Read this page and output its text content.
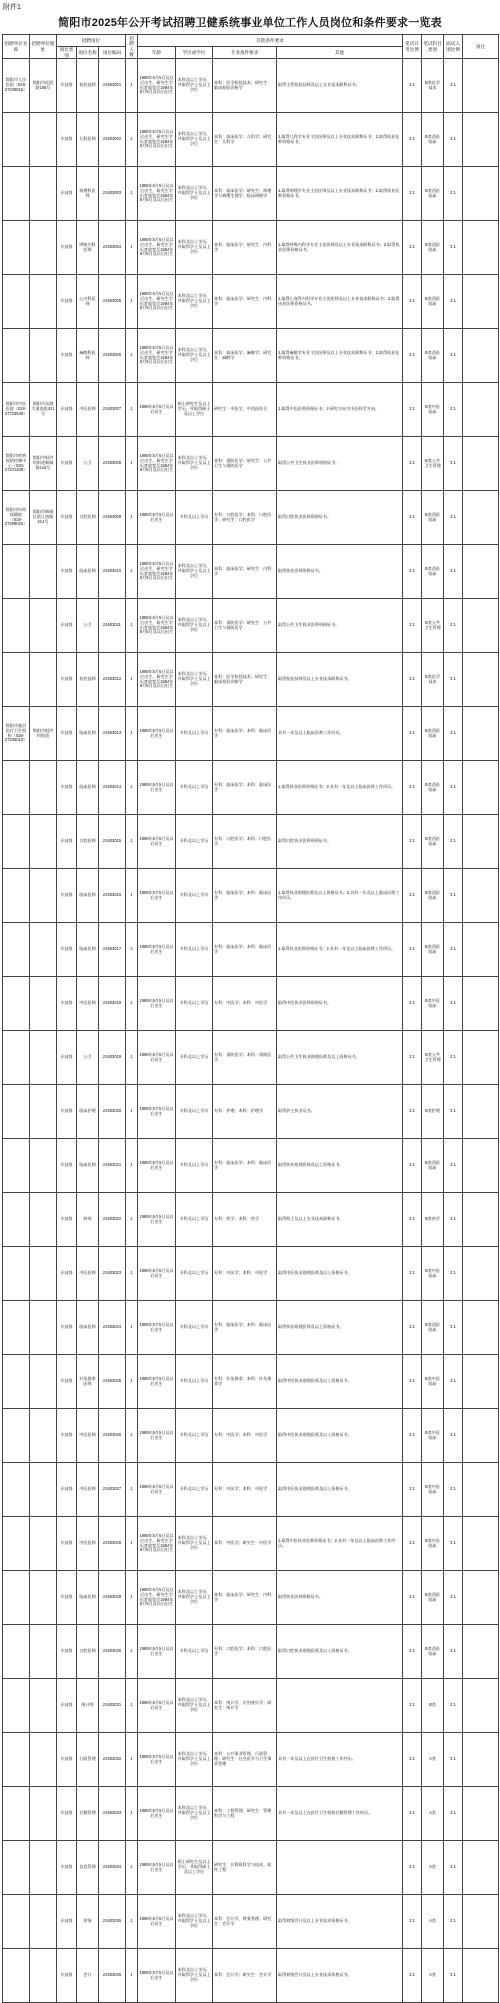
附件1
简阳市2025年公开考试招聘卫健系统事业单位工作人员岗位和条件要求一览表
招聘单位名称	招聘单位地址	招聘岗位			招聘人数	其他条件要求				笔试开考比例	笔试科目类别	面试入围比例	备注
		岗位类别	岗位名称	岗位编码		年龄	学历或学位	专业条件要求	其他				
简阳市人民医院（028-27238016）	简阳市医院路185号	专技岗	检验技师	21603001	1	1989年5月5日及以后出生，研究生学历者放宽至1984年5月5日及以后出生	本科及以上学历，并取得学士及以上学位	本科：医学检验技术；研究生：临床检验诊断学	取得主管检验技师及以上专业技术职称证书。	3:1	B类医学技术	3:1	
		专技岗	儿科医师	21603002	1	1989年5月5日及以后出生，研究生学历者放宽至1984年5月5日及以后出生	本科及以上学历，并取得学士及以上学位	本科：临床医学、儿科学；研究生：儿科学	1.取得儿科学专业主治医师及以上专业技术职称证书；2.取得执业医师资格证书。	3:1	B类西医临床	3:1	
		专技岗	病理科医师	21603003	1	1989年5月5日及以后出生，研究生学历者放宽至1984年5月5日及以后出生	本科及以上学历，并取得学士及以上学位	本科：临床医学；研究生：病理学与病理生理学、临床病理学	1.取得病理学专业主治医师及以上专业技术职称证书；2.取得执业医师资格证书。	3:1	B类西医临床	3:1	
		专技岗	呼吸内科医师	21603004	1	1989年5月5日及以后出生，研究生学历者放宽至1984年5月5日及以后出生	本科及以上学历，并取得学士及以上学位	本科：临床医学；研究生：内科学	1.取得呼吸内科学专业主治医师及以上专业技术职称证书；2.取得执业医师资格证书。	3:1	B类西医临床	3:1	
		专技岗	心内科医师	21603005	1	1989年5月5日及以后出生，研究生学历者放宽至1984年5月5日及以后出生	本科及以上学历，并取得学士及以上学位	本科：临床医学；研究生：内科学	1.取得心血管内科学专业主治医师及以上专业技术职称证书；2.取得执业医师资格证书。	3:1	B类西医临床	3:1	
		专技岗	麻醉科医师	21603006	1	1989年5月5日及以后出生，研究生学历者放宽至1984年5月5日及以后出生	本科及以上学历，并取得学士及以上学位	本科：临床医学、麻醉学；研究生：麻醉学	1.取得麻醉学专业主治医师及以上专业技术职称证书；2.取得执业医师资格证书。	3:1	B类西医临床	3:1	
简阳市中医医院（028-27723639）	简阳市东城大道南段421号	专技岗	中医医师	21603007	1	1989年5月5日及以后出生	硕士研究生及以上学历，并取得硕士及以上学位	研究生：中医学、中西医结合	1.取得中医医师资格证书；2.研究方向为中医药学方向。	3:1	B类中医临床	3:1	
简阳市疾病预防控制中心（028-27231208）	简阳市射洪坝街道新城路115号	专技岗	公卫	21603008	1	1989年5月5日及以后出生，研究生学历者放宽至1984年5月5日及以后出生	本科及以上学历，并取得学士及以上学位	本科：预防医学；研究生：公共卫生与预防医学	取得公共卫生执业医师资格证书。	3:1	B类公共卫生管理	3:1	
简阳市妇幼保健院（028-27299026）	简阳市新城区滨江南路214号	专技岗	口腔医师	21603009	1	1989年5月5日及以后出生	专科及以上学历	专科：口腔医学；本科：口腔医学；研究生：口腔医学	取得口腔执业医师资格证书。	3:1	B类西医临床	3:1	
		专技岗	临床医师	21603010	1	1989年5月5日及以后出生，研究生学历者放宽至1984年5月5日及以后出生	本科及以上学历，并取得学士及以上学位	本科：临床医学；研究生：内科学	取得执业医师资格证书。	3:1	B类西医临床	3:1	
		专技岗	公卫	21603011	1	1989年5月5日及以后出生，研究生学历者放宽至1984年5月5日及以后出生	本科及以上学历，并取得学士及以上学位	本科：预防医学；研究生：公共卫生与预防医学	取得公共卫生执业医师资格证书。	3:1	B类公共卫生管理	3:1	
		专技岗	检验技师	21603012	1	1989年5月5日及以后出生，研究生学历者放宽至1984年5月5日及以后出生	本科及以上学历，并取得学士及以上学位	本科：医学检验技术；研究生：临床检验诊断学	取得检验技师及以上专业技术职称证书。	3:1	B类医学技术	3:1	
简阳市基层医疗卫生机构（028-27236010）	简阳市射洪坝街道	专技岗	临床医师	21603013	1	1989年5月5日及以后出生	专科及以上学历	专科：临床医学；本科：临床医学	具有一年及以上临床医师工作经历。	3:1	B类西医临床	3:1	
		专技岗	临床医师	21603014	1	1989年5月5日及以后出生	专科及以上学历	专科：临床医学；本科：临床医学	1.取得执业医师资格证书；2.具有一年及以上临床医师工作经历。	3:1	B类西医临床	3:1	
		专技岗	口腔医师	21603015	1	1989年5月5日及以后出生	专科及以上学历	专科：口腔医学；本科：口腔医学	取得口腔执业医师资格证书。	3:1	B类西医临床	3:1	
		专技岗	临床医师	21603016	1	1989年5月5日及以后出生	专科及以上学历	专科：临床医学；本科：临床医学	1.取得执业助理医师及以上资格证书；2.具有一年及以上临床医师工作经历。	3:1	B类西医临床	3:1	
		专技岗	临床医师	21603017	2	1989年5月5日及以后出生	专科及以上学历	专科：临床医学；本科：临床医学	1.取得执业医师资格证书；2.具有一年及以上临床医师工作经历。	3:1	B类西医临床	3:1	
		专技岗	中医医师	21603018	1	1989年5月5日及以后出生	专科及以上学历	专科：中医学；本科：中医学	取得中医执业医师资格证书。	3:1	B类中医临床	3:1	
		专技岗	公卫	21603019	1	1989年5月5日及以后出生	专科及以上学历	专科：预防医学；本科：预防医学	取得公共卫生执业助理医师及以上资格证书。	3:1	B类公共卫生管理	3:1	
		专技岗	临床护理	21603020	1	1989年5月5日及以后出生	专科及以上学历	专科：护理；本科：护理学	取得护士执业证书。	3:1	B类护理	3:1	
		专技岗	临床医师	21603021	1	1989年5月5日及以后出生	专科及以上学历	专科：临床医学；本科：临床医学	取得执业助理医师及以上资格证书。	3:1	B类西医临床	3:1	
		专技岗	药师	21603022	1	1989年5月5日及以后出生	专科及以上学历	专科：药学；本科：药学	取得药士及以上专业技术职称证书。	3:1	B类药学	3:1	
		专技岗	中医医师	21603023	1	1989年5月5日及以后出生	专科及以上学历	专科：中医学；本科：中医学	取得中医执业助理医师及以上资格证书。	3:1	B类中医临床	3:1	
		专技岗	临床医师	21603024	1	1989年5月5日及以后出生	专科及以上学历	专科：临床医学；本科：临床医学	取得执业助理医师及以上资格证书。	3:1	B类西医临床	3:1	
		专技岗	针灸推拿医师	21603025	1	1989年5月5日及以后出生	专科及以上学历	专科：针灸推拿；本科：针灸推拿学	取得中医执业助理医师及以上资格证书。	3:1	B类中医临床	3:1	
		专技岗	中医医师	21603026	1	1989年5月5日及以后出生	专科及以上学历	专科：中医学；本科：中医学	取得中医执业助理医师及以上资格证书。	3:1	B类中医临床	3:1	
		专技岗	中医医师	21603027	1	1989年5月5日及以后出生	专科及以上学历	专科：中医学；本科：中医学	取得中医执业助理医师及以上资格证书。	3:1	B类中医临床	3:1	
		专技岗	中医医师	21603028	1	1989年5月5日及以后出生，研究生学历者放宽至1984年5月5日及以后出生	本科及以上学历，并取得学士及以上学位	本科：中医学；研究生：中医学	1.取得中医执业医师资格证书；2.具有一年及以上临床医师工作经历。	3:1	B类中医临床	3:1	
		专技岗	临床医师	21603029	1	1989年5月5日及以后出生，研究生学历者放宽至1984年5月5日及以后出生	本科及以上学历，并取得学士及以上学位	本科：临床医学；研究生：内科学	取得执业医师资格证书。	3:1	B类西医临床	3:1	
		专技岗	口腔医师	21603030	1	1989年5月5日及以后出生	专科及以上学历	专科：口腔医学；本科：口腔医学	取得口腔执业助理医师及以上资格证书。	3:1	B类西医临床	3:1	
		专技岗	统计师	21603031	1	1989年5月5日及以后出生	本科及以上学历，并取得学士及以上学位	本科：统计学、应用统计学；研究生：统计学		3:1	B类	3:1	
		专技岗	行政管理	21603032	1	1989年5月5日及以后出生	本科及以上学历，并取得学士及以上学位	本科：公共事业管理、行政管理；研究生：社会医学与卫生事业管理	具有一年及以上在医疗卫生机构工作经历。	3:1	A类	3:1	
		专技岗	后勤管理	21603033	1	1989年5月5日及以后出生	本科及以上学历，并取得学士及以上学位	本科：工程管理；研究生：管理科学与工程	具有一年及以上在医疗卫生机构后勤管理工作经历。	3:1	A类	3:1	
		专技岗	信息管理	21603034	1	1989年5月5日及以后出生	硕士研究生及以上学历，并取得硕士及以上学位	研究生：计算机科学与技术、软件工程		3:1	A类	3:1	
		专技岗	财务	21603035	1	1989年5月5日及以后出生	本科及以上学历，并取得学士及以上学位	本科：会计学、财务管理；研究生：会计学	取得初级会计及以上专业技术资格证书。	3:1	A类	3:1	
		专技岗	会计	21603036	1	1989年5月5日及以后出生	本科及以上学历，并取得学士及以上学位	本科：会计学；研究生：会计学	取得初级会计及以上专业技术资格证书。	3:1	A类	3:1	
